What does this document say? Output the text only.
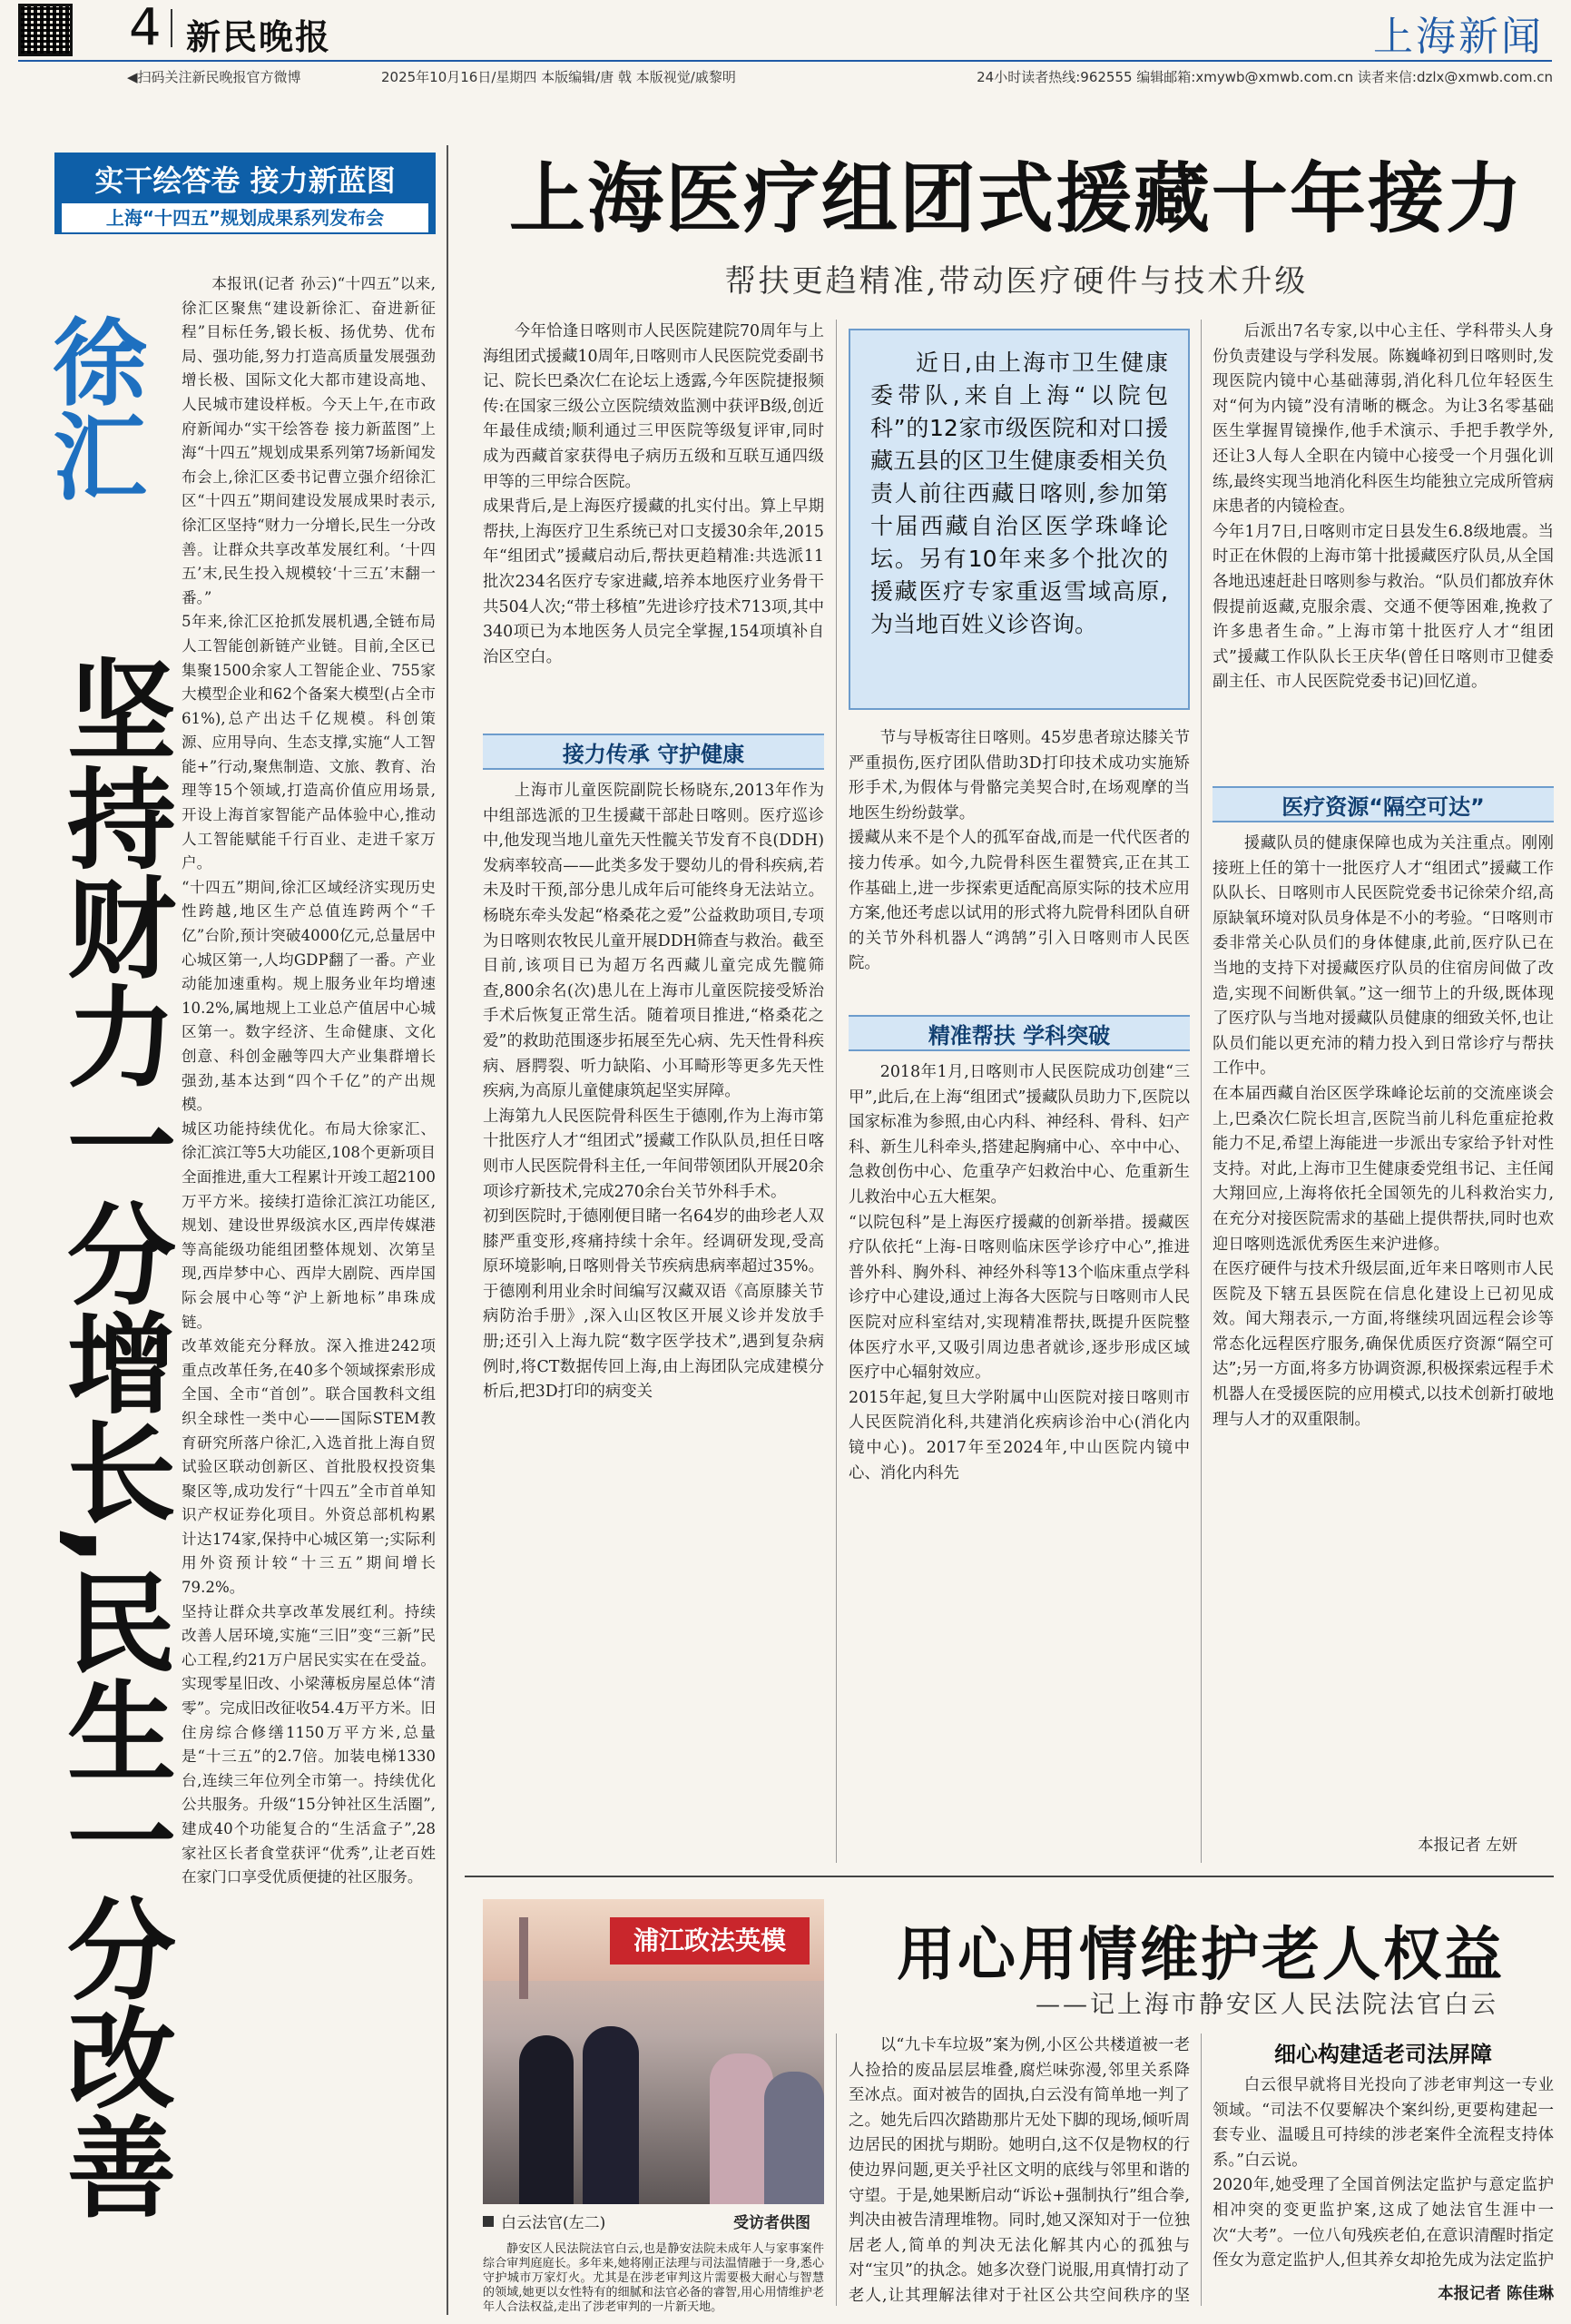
4 新民晚报	上海新闻
◀扫码关注新民晚报官方微博	2025年10月16日/星期四 本版编辑/唐 戟 本版视觉/戚黎明	24小时读者热线:962555 编辑邮箱:xmywb@xmwb.com.cn 读者来信:dzlx@xmwb.com.cn
实干绘答卷 接力新蓝图
上海“十四五”规划成果系列发布会
徐汇
坚持财力一分增长,民生一分改善
本报讯(记者 孙云)“十四五”以来,徐汇区聚焦“建设新徐汇、奋进新征程”目标任务,锻长板、扬优势、优布局、强功能,努力打造高质量发展强劲增长极、国际文化大都市建设高地、人民城市建设样板。今天上午,在市政府新闻办“实干绘答卷 接力新蓝图”上海“十四五”规划成果系列第7场新闻发布会上,徐汇区委书记曹立强介绍徐汇区“十四五”期间建设发展成果时表示,徐汇区坚持“财力一分增长,民生一分改善。让群众共享改革发展红利。‘十四五’末,民生投入规模较‘十三五’末翻一番。”
5年来,徐汇区抢抓发展机遇,全链布局人工智能创新链产业链。目前,全区已集聚1500余家人工智能企业、755家大模型企业和62个备案大模型(占全市61%),总产出达千亿规模。科创策源、应用导向、生态支撑,实施“人工智能+”行动,聚焦制造、文旅、教育、治理等15个领域,打造高价值应用场景,开设上海首家智能产品体验中心,推动人工智能赋能千行百业、走进千家万户。
“十四五”期间,徐汇区域经济实现历史性跨越,地区生产总值连跨两个“千亿”台阶,预计突破4000亿元,总量居中心城区第一,人均GDP翻了一番。产业动能加速重构。规上服务业年均增速10.2%,属地规上工业总产值居中心城区第一。数字经济、生命健康、文化创意、科创金融等四大产业集群增长强劲,基本达到“四个千亿”的产出规模。
城区功能持续优化。布局大徐家汇、徐汇滨江等5大功能区,108个更新项目全面推进,重大工程累计开竣工超2100万平方米。接续打造徐汇滨江功能区,规划、建设世界级滨水区,西岸传媒港等高能级功能组团整体规划、次第呈现,西岸梦中心、西岸大剧院、西岸国际会展中心等“沪上新地标”串珠成链。
改革效能充分释放。深入推进242项重点改革任务,在40多个领域探索形成全国、全市“首创”。联合国教科文组织全球性一类中心——国际STEM教育研究所落户徐汇,入选首批上海自贸试验区联动创新区、首批股权投资集聚区等,成功发行“十四五”全市首单知识产权证券化项目。外资总部机构累计达174家,保持中心城区第一;实际利用外资预计较“十三五”期间增长79.2%。
坚持让群众共享改革发展红利。持续改善人居环境,实施“三旧”变“三新”民心工程,约21万户居民实实在在受益。实现零星旧改、小梁薄板房屋总体“清零”。完成旧改征收54.4万平方米。旧住房综合修缮1150万平方米,总量是“十三五”的2.7倍。加装电梯1330台,连续三年位列全市第一。持续优化公共服务。升级“15分钟社区生活圈”,建成40个功能复合的“生活盒子”,28家社区长者食堂获评“优秀”,让老百姓在家门口享受优质便捷的社区服务。
上海医疗组团式援藏十年接力
帮扶更趋精准,带动医疗硬件与技术升级
今年恰逢日喀则市人民医院建院70周年与上海组团式援藏10周年,日喀则市人民医院党委副书记、院长巴桑次仁在论坛上透露,今年医院捷报频传:在国家三级公立医院绩效监测中获评B级,创近年最佳成绩;顺利通过三甲医院等级复评审,同时成为西藏首家获得电子病历五级和互联互通四级甲等的三甲综合医院。
成果背后,是上海医疗援藏的扎实付出。算上早期帮扶,上海医疗卫生系统已对口支援30余年,2015年“组团式”援藏启动后,帮扶更趋精准:共选派11批次234名医疗专家进藏,培养本地医疗业务骨干共504人次;“带土移植”先进诊疗技术713项,其中340项已为本地医务人员完全掌握,154项填补自治区空白。
接力传承 守护健康
上海市儿童医院副院长杨晓东,2013年作为中组部选派的卫生援藏干部赴日喀则。医疗巡诊中,他发现当地儿童先天性髋关节发育不良(DDH)发病率较高——此类多发于婴幼儿的骨科疾病,若未及时干预,部分患儿成年后可能终身无法站立。杨晓东牵头发起“格桑花之爱”公益救助项目,专项为日喀则农牧民儿童开展DDH筛查与救治。截至目前,该项目已为超万名西藏儿童完成先髋筛查,800余名(次)患儿在上海市儿童医院接受矫治手术后恢复正常生活。随着项目推进,“格桑花之爱”的救助范围逐步拓展至先心病、先天性骨科疾病、唇腭裂、听力缺陷、小耳畸形等更多先天性疾病,为高原儿童健康筑起坚实屏障。
上海第九人民医院骨科医生于德刚,作为上海市第十批医疗人才“组团式”援藏工作队队员,担任日喀则市人民医院骨科主任,一年间带领团队开展20余项诊疗新技术,完成270余台关节外科手术。
初到医院时,于德刚便目睹一名64岁的曲珍老人双膝严重变形,疼痛持续十余年。经调研发现,受高原环境影响,日喀则骨关节疾病患病率超过35%。于德刚利用业余时间编写汉藏双语《高原膝关节病防治手册》,深入山区牧区开展义诊并发放手册;还引入上海九院“数字医学技术”,遇到复杂病例时,将CT数据传回上海,由上海团队完成建模分析后,把3D打印的病变关
近日,由上海市卫生健康委带队,来自上海“以院包科”的12家市级医院和对口援藏五县的区卫生健康委相关负责人前往西藏日喀则,参加第十届西藏自治区医学珠峰论坛。另有10年来多个批次的援藏医疗专家重返雪域高原,为当地百姓义诊咨询。
节与导板寄往日喀则。45岁患者琼达膝关节严重损伤,医疗团队借助3D打印技术成功实施矫形手术,为假体与骨骼完美契合时,在场观摩的当地医生纷纷鼓掌。
援藏从来不是个人的孤军奋战,而是一代代医者的接力传承。如今,九院骨科医生翟赞宾,正在其工作基础上,进一步探索更适配高原实际的技术应用方案,他还考虑以试用的形式将九院骨科团队自研的关节外科机器人“鸿鹄”引入日喀则市人民医院。
精准帮扶 学科突破
2018年1月,日喀则市人民医院成功创建“三甲”,此后,在上海“组团式”援藏队员助力下,医院以国家标准为参照,由心内科、神经科、骨科、妇产科、新生儿科牵头,搭建起胸痛中心、卒中中心、急救创伤中心、危重孕产妇救治中心、危重新生儿救治中心五大框架。
“以院包科”是上海医疗援藏的创新举措。援藏医疗队依托“上海-日喀则临床医学诊疗中心”,推进普外科、胸外科、神经外科等13个临床重点学科诊疗中心建设,通过上海各大医院与日喀则市人民医院对应科室结对,实现精准帮扶,既提升医院整体医疗水平,又吸引周边患者就诊,逐步形成区域医疗中心辐射效应。
2015年起,复旦大学附属中山医院对接日喀则市人民医院消化科,共建消化疾病诊治中心(消化内镜中心)。2017年至2024年,中山医院内镜中心、消化内科先
后派出7名专家,以中心主任、学科带头人身份负责建设与学科发展。陈巍峰初到日喀则时,发现医院内镜中心基础薄弱,消化科几位年轻医生对“何为内镜”没有清晰的概念。为让3名零基础医生掌握胃镜操作,他手术演示、手把手教学外,还让3人每人全职在内镜中心接受一个月强化训练,最终实现当地消化科医生均能独立完成所管病床患者的内镜检查。
今年1月7日,日喀则市定日县发生6.8级地震。当时正在休假的上海市第十批援藏医疗队员,从全国各地迅速赶赴日喀则参与救治。“队员们都放弃休假提前返藏,克服余震、交通不便等困难,挽救了许多患者生命。”上海市第十批医疗人才“组团式”援藏工作队队长王庆华(曾任日喀则市卫健委副主任、市人民医院党委书记)回忆道。
医疗资源“隔空可达”
援藏队员的健康保障也成为关注重点。刚刚接班上任的第十一批医疗人才“组团式”援藏工作队队长、日喀则市人民医院党委书记徐荣介绍,高原缺氧环境对队员身体是不小的考验。“日喀则市委非常关心队员们的身体健康,此前,医疗队已在当地的支持下对援藏医疗队员的住宿房间做了改造,实现不间断供氧。”这一细节上的升级,既体现了医疗队与当地对援藏队员健康的细致关怀,也让队员们能以更充沛的精力投入到日常诊疗与帮扶工作中。
在本届西藏自治区医学珠峰论坛前的交流座谈会上,巴桑次仁院长坦言,医院当前儿科危重症抢救能力不足,希望上海能进一步派出专家给予针对性支持。对此,上海市卫生健康委党组书记、主任闻大翔回应,上海将依托全国领先的儿科救治实力,在充分对接医院需求的基础上提供帮扶,同时也欢迎日喀则选派优秀医生来沪进修。
在医疗硬件与技术升级层面,近年来日喀则市人民医院及下辖五县医院在信息化建设上已初见成效。闻大翔表示,一方面,将继续巩固远程会诊等常态化远程医疗服务,确保优质医疗资源“隔空可达”;另一方面,将多方协调资源,积极探索远程手术机器人在受援医院的应用模式,以技术创新打破地理与人才的双重限制。
本报记者 左妍
浦江政法英模
白云法官(左二)	受访者供图
用心用情维护老人权益
——记上海市静安区人民法院法官白云
以“九卡车垃圾”案为例,小区公共楼道被一老人捡拾的废品层层堆叠,腐烂味弥漫,邻里关系降至冰点。面对被告的固执,白云没有简单地一判了之。她先后四次踏勘那片无处下脚的现场,倾听周边居民的困扰与期盼。她明白,这不仅是物权的行使边界问题,更关乎社区文明的底线与邻里和谐的守望。于是,她果断启动“诉讼+强制执行”组合拳,判决由被告清理堆物。同时,她又深知对于一位独居老人,简单的判决无法化解其内心的孤独与对“宝贝”的执念。她多次登门说服,用真情打动了老人,让其理解法律对于社区公共空间秩序的坚

细心构建适老司法屏障
白云很早就将目光投向了涉老审判这一专业领域。“司法不仅要解决个案纠纷,更要构建起一套专业、温暖且可持续的涉老案件全流程支持体系。”白云说。
2020年,她受理了全国首例法定监护与意定监护相冲突的变更监护案,这成了她法官生涯中一次“大考”。一位八旬残疾老伯,在意识清醒时指定侄女为意定监护人,但其养女却抢先成为法定监护

本报记者 陈佳琳
静安区人民法院法官白云,也是静安法院未成年人与家事案件综合审判庭庭长。多年来,她将刚正法理与司法温情融于一身,悉心守护城市万家灯火。尤其是在涉老审判这片需要极大耐心与智慧的领域,她更以女性特有的细腻和法官必备的睿智,用心用情维护老年人合法权益,走出了涉老审判的一片新天地。
